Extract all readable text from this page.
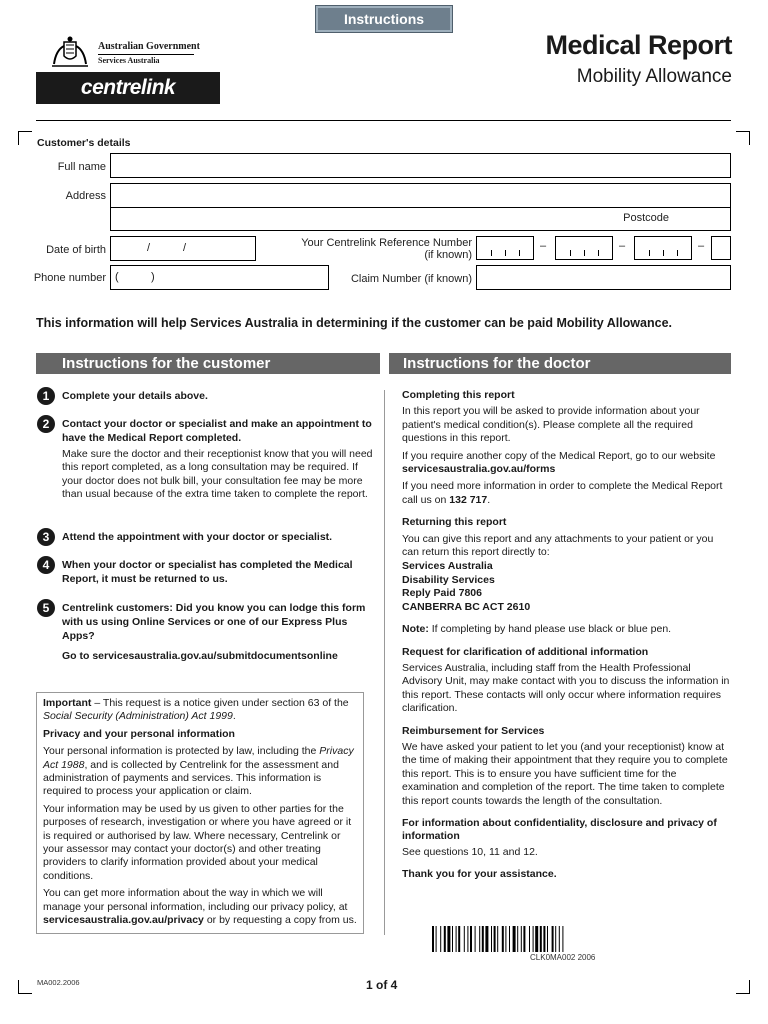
Instructions
Australian Government
Services Australia
centrelink
Medical Report
Mobility Allowance
Customer's details
Full name
Address
Postcode
Date of birth	/	/	Your Centrelink Reference Number
(if known)
–	–	–
Phone number (	)	Claim Number (if known)
This information will help Services Australia in determining if the customer can be paid Mobility Allowance.
Instructions for the customer	Instructions for the doctor
1	Complete your details above.
2	Contact your doctor or specialist and make an appointment to have the Medical Report completed.
Make sure the doctor and their receptionist know that you will need this report completed, as a long consultation may be required. If your doctor does not bulk bill, your consultation fee may be more than usual because of the extra time taken to complete the report.
3	Attend the appointment with your doctor or specialist.
4	When your doctor or specialist has completed the Medical Report, it must be returned to us.
5	Centrelink customers: Did you know you can lodge this form with us using Online Services or one of our Express Plus Apps?
Go to servicesaustralia.gov.au/submitdocumentsonline
Important – This request is a notice given under section 63 of the Social Security (Administration) Act 1999.
Privacy and your personal information
Your personal information is protected by law, including the Privacy Act 1988, and is collected by Centrelink for the assessment and administration of payments and services. This information is required to process your application or claim.
Your information may be used by us given to other parties for the purposes of research, investigation or where you have agreed or it is required or authorised by law. Where necessary, Centrelink or your assessor may contact your doctor(s) and other treating providers to clarify information provided about your medical conditions.
You can get more information about the way in which we will manage your personal information, including our privacy policy, at servicesaustralia.gov.au/privacy or by requesting a copy from us.
Completing this report
In this report you will be asked to provide information about your patient's medical condition(s). Please complete all the required questions in this report.
If you require another copy of the Medical Report, go to our website
servicesaustralia.gov.au/forms
If you need more information in order to complete the Medical Report call us on 132 717.
Returning this report
You can give this report and any attachments to your patient or you can return this report directly to:
Services Australia
Disability Services
Reply Paid 7806
CANBERRA BC ACT 2610
Note: If completing by hand please use black or blue pen.
Request for clarification of additional information
Services Australia, including staff from the Health Professional Advisory Unit, may make contact with you to discuss the information in this report. These contacts will only occur where information requires clarification.
Reimbursement for Services
We have asked your patient to let you (and your receptionist) know at the time of making their appointment that they require you to complete this report. This is to ensure you have sufficient time for the examination and completion of the report. The time taken to complete this report counts towards the length of the consultation.
For information about confidentiality, disclosure and privacy of information
See questions 10, 11 and 12.
Thank you for your assistance.
CLK0MA002 2006
MA002.2006	1 of 4
